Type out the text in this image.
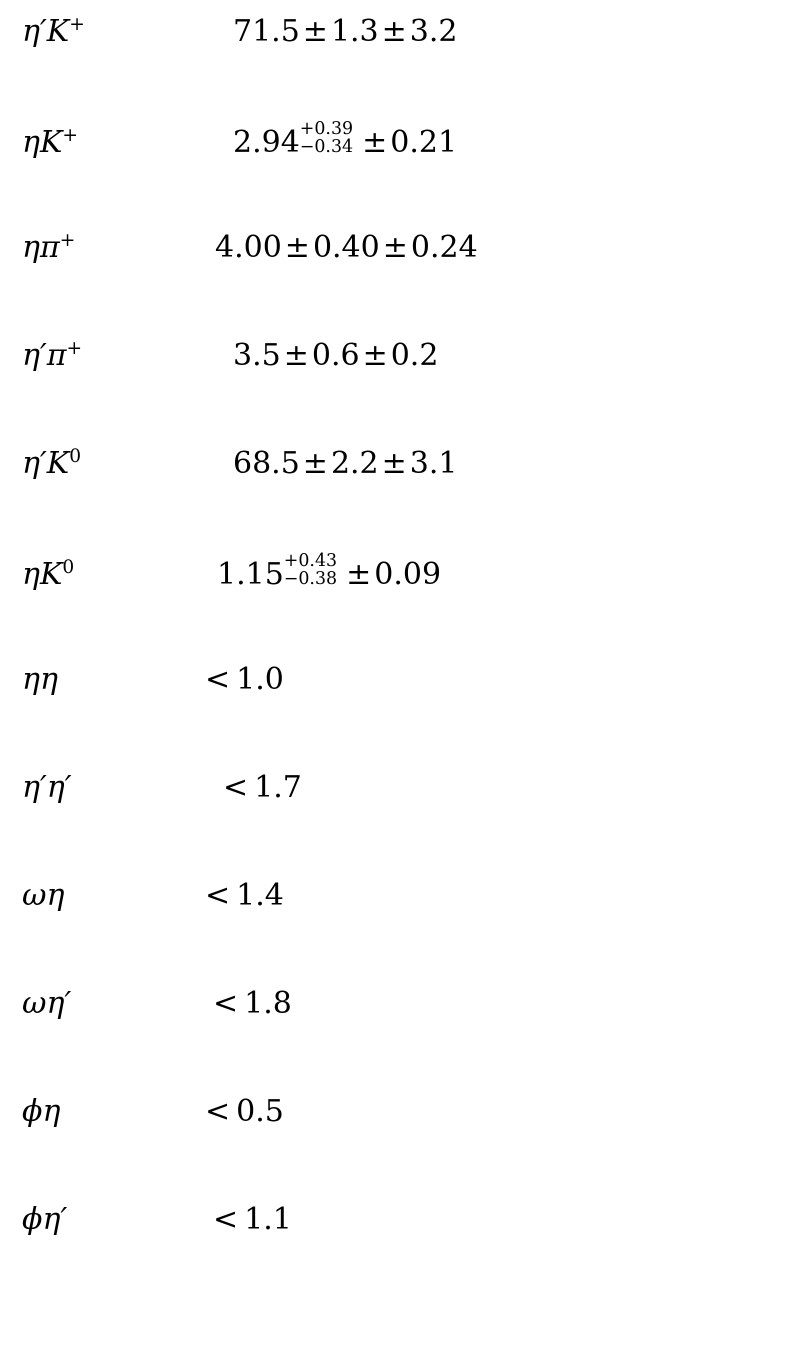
η′K+	71.5 ± 1.3 ± 3.2
ηK+	2.94 +0.39
−0.34 ± 0.21
ηπ+	4.00 ± 0.40 ± 0.24
η′π+	3.5 ± 0.6 ± 0.2
$\eta'K^0$	68.5 ± 2.2 ± 3.1
$\eta K^0$	1.15 +0.43
−0.38 ± 0.09
ηη	< 1.0
η′η′	< 1.7
ωη	< 1.4
ωη′	< 1.8
ϕη	< 0.5
ϕη′	< 1.1
